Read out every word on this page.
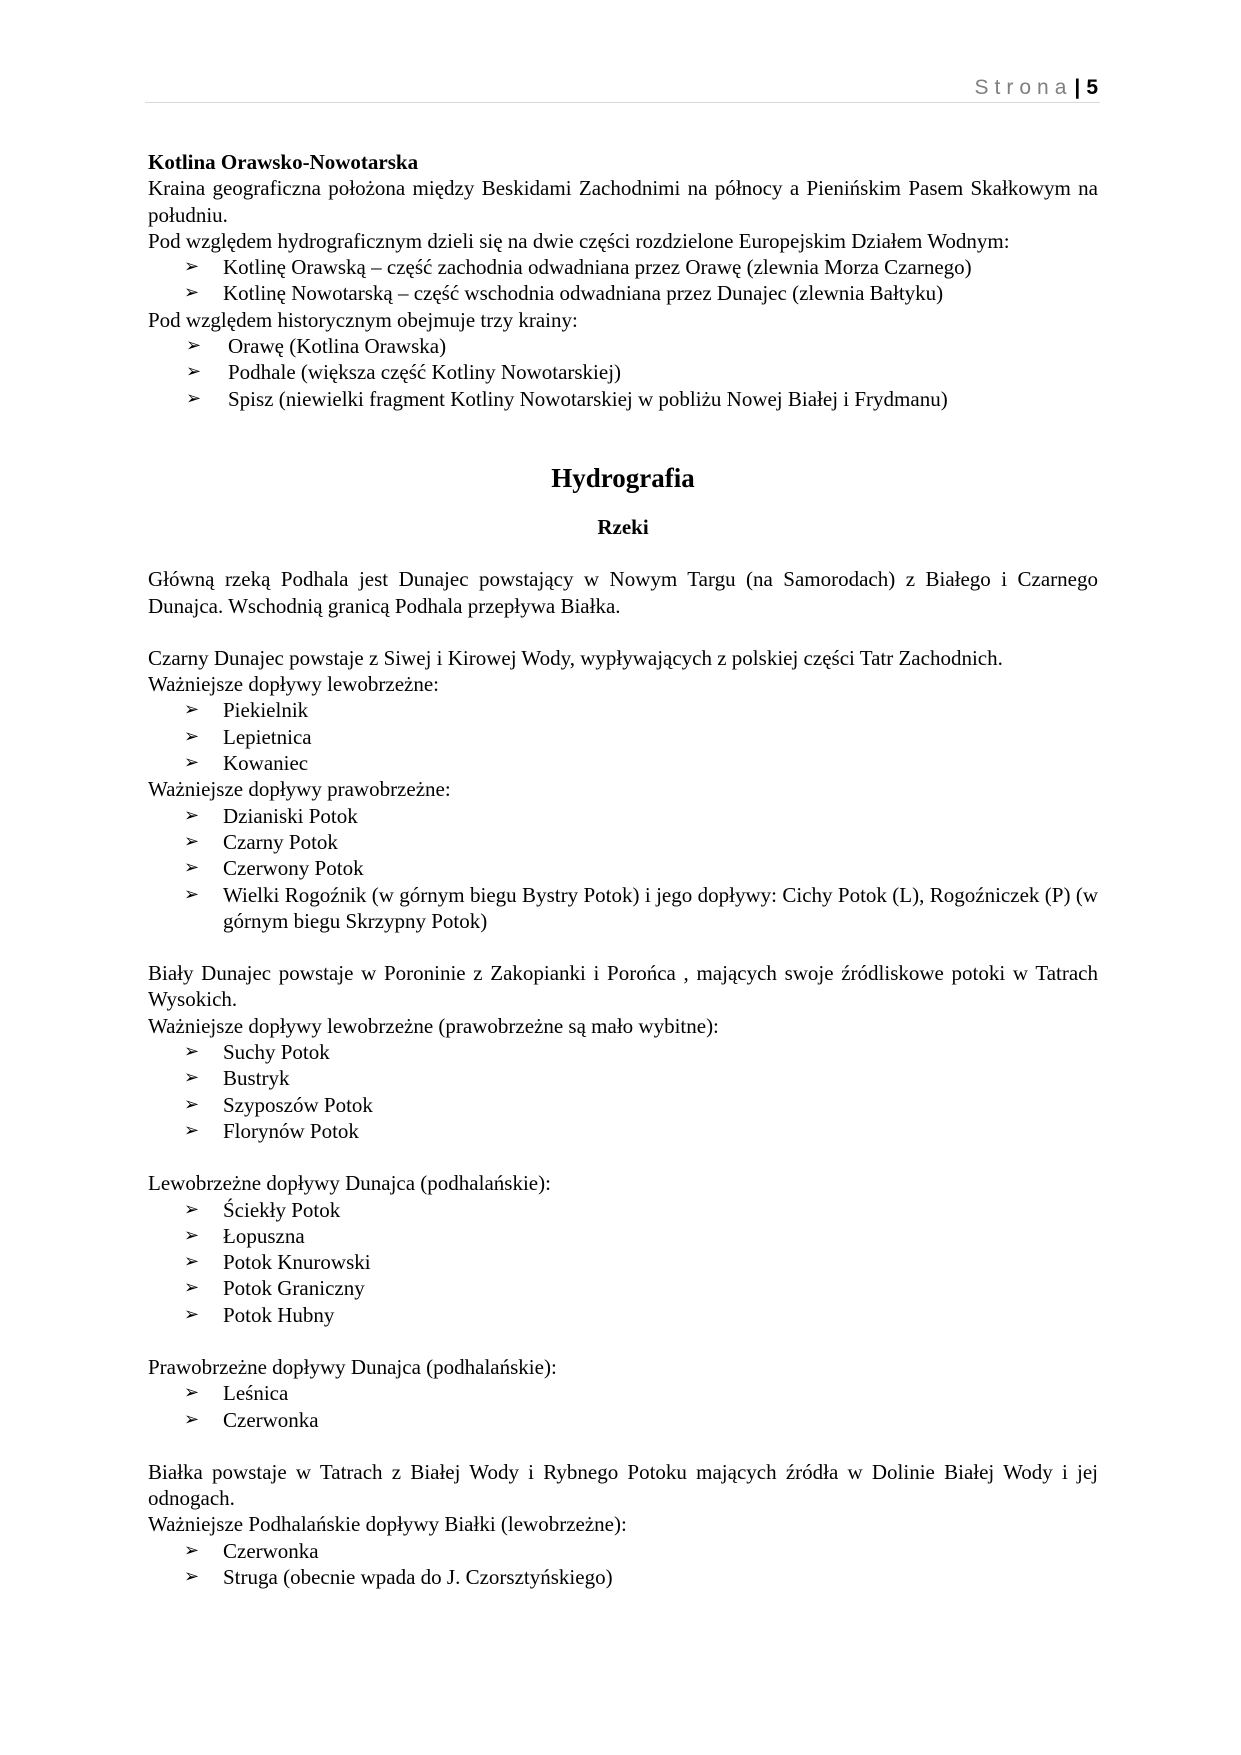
Strona| 5

Kotlina Orawsko-Nowotarska

Kraina geograficzna położona między Beskidami Zachodnimi na północy a Pienińskim Pasem Skałkowym na południu.

Pod względem hydrograficznym dzieli się na dwie części rozdzielone Europejskim Działem Wodnym:

➢ Kotlinę Orawską – część zachodnia odwadniana przez Orawę (zlewnia Morza Czarnego)
➢ Kotlinę Nowotarską – część wschodnia odwadniana przez Dunajec (zlewnia Bałtyku)

Pod względem historycznym obejmuje trzy krainy:

➢ Orawę (Kotlina Orawska)
➢ Podhale (większa część Kotliny Nowotarskiej)
➢ Spisz (niewielki fragment Kotliny Nowotarskiej w pobliżu Nowej Białej i Frydmanu)
Hydrografia
Rzeki

Główną rzeką Podhala jest Dunajec powstający w Nowym Targu (na Samorodach) z Białego i Czarnego Dunajca. Wschodnią granicą Podhala przepływa Białka.

Czarny Dunajec powstaje z Siwej i Kirowej Wody, wypływających z polskiej części Tatr Zachodnich.

Ważniejsze dopływy lewobrzeżne:

➢ Piekielnik
➢ Lepietnica
➢ Kowaniec

Ważniejsze dopływy prawobrzeżne:

➢ Dzianiski Potok
➢ Czarny Potok
➢ Czerwony Potok
➢ Wielki Rogoźnik (w górnym biegu Bystry Potok) i jego dopływy: Cichy Potok (L), Rogoźniczek (P) (w górnym biegu Skrzypny Potok)

Biały Dunajec powstaje w Poroninie z Zakopianki i Porońca , mających swoje źródliskowe potoki w Tatrach Wysokich.

Ważniejsze dopływy lewobrzeżne (prawobrzeżne są mało wybitne):

➢ Suchy Potok
➢ Bustryk
➢ Szyposzów Potok
➢ Florynów Potok

Lewobrzeżne dopływy Dunajca (podhalańskie):

➢ Ściekły Potok
➢ Łopuszna
➢ Potok Knurowski
➢ Potok Graniczny
➢ Potok Hubny

Prawobrzeżne dopływy Dunajca (podhalańskie):

➢ Leśnica
➢ Czerwonka

Białka powstaje w Tatrach z Białej Wody i Rybnego Potoku mających źródła w Dolinie Białej Wody i jej odnogach.

Ważniejsze Podhalańskie dopływy Białki (lewobrzeżne):

➢ Czerwonka
➢ Struga (obecnie wpada do J. Czorsztyńskiego)
